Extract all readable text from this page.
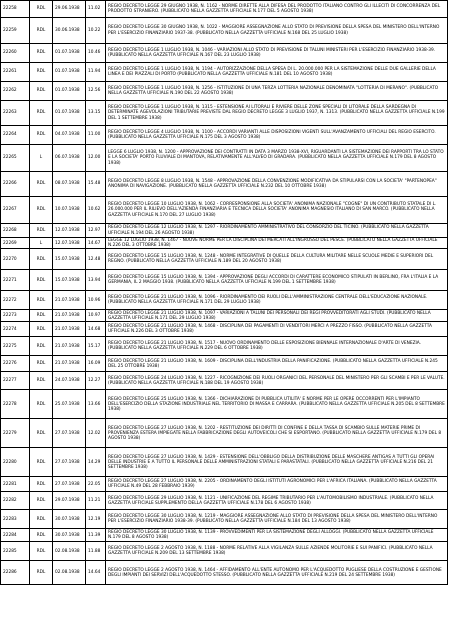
22258	RDL	29.06.1938	11.02	REGIO DECRETO LEGGE 29 GIUGNO 1938, N. 1162 - NORME DIRETTE ALLA DIFESA DEL PRODOTTO ITALIANO CONTRO GLI ILLECITI DI CONCORRENZA DEL PRODOTTO STRANIERO. (PUBBLICATO NELLA GAZZETTA UFFICIALE N.177 DEL 5 AGOSTO 1938)
22259	RDL	30.06.1938	10.22	REGIO DECRETO LEGGE 30 GIUGNO 1938, N. 1022 - MAGGIORE ASSEGNAZIONE ALLO STATO DI PREVISIONE DELLA SPESA DEL MINISTERO DELL'INTERNO PER L'ESERCIZIO FINANZIARIO 1937-38. (PUBBLICATO NELLA GAZZETTA UFFICIALE N.168 DEL 25 LUGLIO 1938)
22260	RDL	01.07.1938	10.46	REGIO DECRETO LEGGE 1 LUGLIO 1938, N. 1046 - VARIAZIONI ALLO STATO DI PREVISIONE DI TALUNI MINISTERI PER L'ESERCIZIO FINANZIARIO 1938-39. (PUBBLICATO NELLA GAZZETTA UFFICIALE N.167 DEL 23 LUGLIO 1938)
22261	RDL	01.07.1938	11.94	REGIO DECRETO LEGGE 1 LUGLIO 1938, N. 1194 - AUTORIZZAZIONE DELLA SPESA DI L. 20.000.000 PER LA SISTEMAZIONE DELLE DUE GALLERIE DELLA LINEA E DEI PIAZZALI DI PORTO (PUBBLICATO NELLA GAZZETTA UFFICIALE N.181 DEL 10 AGOSTO 1938)
22262	RDL	01.07.1938	12.56	REGIO DECRETO LEGGE 1 LUGLIO 1938, N. 1256 - ISTITUZIONE DI UNA TERZA LOTTERIA NAZIONALE DENOMINATA "LOTTERIA DI MERANO". (PUBBLICATO NELLA GAZZETTA UFFICIALE N.190 DEL 22 AGOSTO 1938)
22263	RDL	01.07.1938	13.15	REGIO DECRETO LEGGE 1 LUGLIO 1938, N. 1315 - ESTENSIONE AI LITORALI E RIVIERE DELLE ZONE SPECIALI DI LITORALE DELLA SARDEGNA DI DETERMINATE AGEVOLAZIONI TRIBUTARIE PREVISTE DAL REGIO DECRETO LEGGE 3 LUGLIO 1937, N. 1313. (PUBBLICATO NELLA GAZZETTA UFFICIALE N.199 DEL 1 SETTEMBRE 1938)
22264	RDL	04.07.1938	11.00	REGIO DECRETO LEGGE 4 LUGLIO 1938, N. 1100 - ACCORDI VARIANTI ALLE DISPOSIZIONI VIGENTI SULL'AVANZAMENTO UFFICIALI DEL REGIO ESERCITO. (PUBBLICATO NELLA GAZZETTA UFFICIALE N.175 DEL 3 AGOSTO 1938)
22265	L	06.07.1938	12.00	LEGGE 6 LUGLIO 1938, N. 1200 - APPROVAZIONE DEI CONTRATTI IN DATA 3 MARZO 1938-XVI, RIGUARDANTI LA SISTEMAZIONE DEI RAPPORTI TRA LO STATO E LA SOCIETA' PORTO FLUVIALE DI MANTOVA, RELATIVAMENTE ALL'ALVEO DI GRADARA. (PUBBLICATO NELLA GAZZETTA UFFICIALE N.179 DEL 8 AGOSTO 1938)
22266	RDL	08.07.1938	15.48	REGIO DECRETO LEGGE 8 LUGLIO 1938, N. 1548 - APPROVAZIONE DELLA CONVENZIONE MODIFICATIVA DA STIPULARSI CON LA SOCIETA' "PARTENOPEA" ANONIMA DI NAVIGAZIONE. (PUBBLICATO NELLA GAZZETTA UFFICIALE N.232 DEL 10 OTTOBRE 1938)
22267	RDL	10.07.1938	10.62	REGIO DECRETO LEGGE 10 LUGLIO 1938, N. 1062 - CORRESPONSIONE ALLA SOCIETA' ANONIMA NAZIONALE "COGNE" DI UN CONTRIBUTO STATALE DI L. 26.000.000 PER IL RILIEVO DELL'AZIENDA FINANZIARIA E TECNICA DELLA SOCIETA' ANONIMA MAGNESIO ITALIANO DI SAN MARCO. (PUBBLICATO NELLA GAZZETTA UFFICIALE N.170 DEL 27 LUGLIO 1938)
22268	RDL	12.07.1938	12.97	REGIO DECRETO LEGGE 12 LUGLIO 1938, N. 1297 - RIORDINAMENTO AMMINISTRATIVO DEL CONSORZIO DEL TICINO. (PUBBLICATO NELLA GAZZETTA UFFICIALE N.194 DEL 26 AGOSTO 1938)
22269	L	12.07.1938	14.67	LEGGE 12 LUGLIO 1938, N. 1467 - NUOVE NORME PER LA DISCIPLINA DEI MERCATI ALL'INGROSSO DEL PESCE. (PUBBLICATO NELLA GAZZETTA UFFICIALE N.226 DEL 3 OTTOBRE 1938)
22270	RDL	15.07.1938	12.48	REGIO DECRETO LEGGE 15 LUGLIO 1938, N. 1248 - NORME INTEGRATIVE DI QUELLE DELLA CULTURA MILITARE NELLE SCUOLE MEDIE E SUPERIORI DEL REGNO. (PUBBLICATO NELLA GAZZETTA UFFICIALE N.189 DEL 20 AGOSTO 1938)
22271	RDL	15.07.1938	13.94	REGIO DECRETO LEGGE 15 LUGLIO 1938, N. 1394 - APPROVAZIONE DEGLI ACCORDI DI CARATTERE ECONOMICO STIPULATI IN BERLINO, FRA L'ITALIA E LA GERMANIA, IL 2 MAGGIO 1938. (PUBBLICATO NELLA GAZZETTA UFFICIALE N.199 DEL 1 SETTEMBRE 1938)
22272	RDL	21.07.1938	10.96	REGIO DECRETO LEGGE 21 LUGLIO 1938, N. 1096 - RIORDINAMENTO DEI RUOLI DELL'AMMINISTRAZIONE CENTRALE DELL'EDUCAZIONE NAZIONALE. (PUBBLICATO NELLA GAZZETTA UFFICIALE N.171 DEL 29 LUGLIO 1938)
22273	RDL	21.07.1938	10.97	REGIO DECRETO LEGGE 21 LUGLIO 1938, N. 1097 - VARIAZIONI A TALUNI DEI PERSONALI DEI REGI PROVVEDITORATI AGLI STUDI. (PUBBLICATO NELLA GAZZETTA UFFICIALE N.171 DEL 29 LUGLIO 1938)
22274	RDL	21.07.1938	14.68	REGIO DECRETO LEGGE 21 LUGLIO 1938, N. 1468 - DISCIPLINA DEI PAGAMENTI DI VENDITORI MERCI A PREZZO FISSO. (PUBBLICATO NELLA GAZZETTA UFFICIALE N.226 DEL 3 OTTOBRE 1938)
22275	RDL	21.07.1938	15.17	REGIO DECRETO LEGGE 21 LUGLIO 1938, N. 1517 - NUOVO ORDINAMENTO DELLE ESPOSIZIONE BIENNALE INTERNAZIONALE D'ARTE DI VENEZIA. (PUBBLICATO NELLA GAZZETTA UFFICIALE N.229 DEL 6 OTTOBRE 1938)
22276	RDL	21.07.1938	16.09	REGIO DECRETO LEGGE 21 LUGLIO 1938, N. 1609 - DISCIPLINA DELL'INDUSTRIA DELLA PANIFICAZIONE. (PUBBLICATO NELLA GAZZETTA UFFICIALE N.245 DEL 25 OTTOBRE 1938)
22277	RDL	24.07.1938	12.27	REGIO DECRETO LEGGE 24 LUGLIO 1938, N. 1227 - RICOGNIZIONE DEI RUOLI ORGANICI DEL PERSONALE DEL MINISTERO PER GLI SCAMBI E PER LE VALUTE. (PUBBLICATO NELLA GAZZETTA UFFICIALE N.188 DEL 19 AGOSTO 1938)
22278	RDL	25.07.1938	13.66	REGIO DECRETO LEGGE 25 LUGLIO 1938, N. 1366 - DICHIARAZIONE DI PUBBLICA UTILITA' E NORME PER LE OPERE OCCORRENTI PER L'IMPIANTO DELL'ESERCIZIO DELLA STAZIONE INDUSTRIALE NEL TERRITORIO DI MASSA E CARRARA. (PUBBLICATO NELLA GAZZETTA UFFICIALE N.205 DEL 8 SETTEMBRE 1938)
22279	RDL	27.07.1938	12.02	REGIO DECRETO LEGGE 27 LUGLIO 1938, N. 1202 - RESTITUZIONE DEI DIRITTI DI CONFINE E DELLA TASSA DI SCAMBIO SULLE MATERIE PRIME DI PROVENIENZA ESTERA IMPIEGATE NELLA FABBRICAZIONE DEGLI AUTOVEICOLI CHE SI ESPORTANO. (PUBBLICATO NELLA GAZZETTA UFFICIALE N.179 DEL 8 AGOSTO 1938)
22280	RDL	27.07.1938	14.29	REGIO DECRETO LEGGE 27 LUGLIO 1938, N. 1429 - ESTENSIONE DELL'OBBLIGO DELLA DISTRIBUZIONE DELLE MASCHERE ANTIGAS A TUTTI GLI OPERAI DELLE INDUSTRIE E A TUTTO IL PERSONALE DELLE AMMINISTRAZIONI STATALI E PARASTATALI. (PUBBLICATO NELLA GAZZETTA UFFICIALE N.216 DEL 21 SETTEMBRE 1938)
22281	RDL	27.07.1938	22.05	REGIO DECRETO LEGGE 27 LUGLIO 1938, N. 2205 - ORDINAMENTO DEGLI ISTITUTI AGRONOMICI PER L'AFRICA ITALIANA. (PUBBLICATO NELLA GAZZETTA UFFICIALE N.49 DEL 28 FEBBRAIO 1939)
22282	RDL	29.07.1938	11.21	REGIO DECRETO LEGGE 29 LUGLIO 1938, N. 1121 - UNIFICAZIONE DEL REGIME TRIBUTARIO PER L'AUTOMOBILISMO INDUSTRIALE. (PUBBLICATO NELLA GAZZETTA UFFICIALE SUPPLEMENTO DELLA GAZZETTA UFFICIALE N.178 DEL 6 AGOSTO 1938)
22283	RDL	30.07.1938	12.19	REGIO DECRETO LEGGE 30 LUGLIO 1938, N. 1219 - MAGGIORE ASSEGNAZIONE ALLO STATO DI PREVISIONE DELLA SPESA DEL MINISTERO DELL'INTERNO PER L'ESERCIZIO FINANZIARIO 1938-39. (PUBBLICATO NELLA GAZZETTA UFFICIALE N.184 DEL 13 AGOSTO 1938)
22284	RDL	30.07.1938	11.39	REGIO DECRETO LEGGE 30 LUGLIO 1938, N. 1139 - PROVVEDIMENTI PER LA SISTEMAZIONE DEGLI ALLOGGI. (PUBBLICATO NELLA GAZZETTA UFFICIALE N.179 DEL 8 AGOSTO 1938)
22285	RDL	02.08.1938	11.88	REGIO DECRETO LEGGE 2 AGOSTO 1938, N. 1188 - NORME RELATIVE ALLA VIGILANZA SULLE AZIENDE MOLITORIE E SUI PANIFICI. (PUBBLICATO NELLA GAZZETTA UFFICIALE N.209 DEL 13 SETTEMBRE 1938)
22286	RDL	02.08.1938	14.64	REGIO DECRETO LEGGE 2 AGOSTO 1938, N. 1464 - AFFIDAMENTO ALL'ENTE AUTONOMO PER L'ACQUEDOTTO PUGLIESE DELLA COSTRUZIONE E GESTIONE DEGLI IMPIANTI DEI SERVIZI DELL'ACQUEDOTTO STESSO. (PUBBLICATO NELLA GAZZETTA UFFICIALE N.219 DEL 24 SETTEMBRE 1938)
